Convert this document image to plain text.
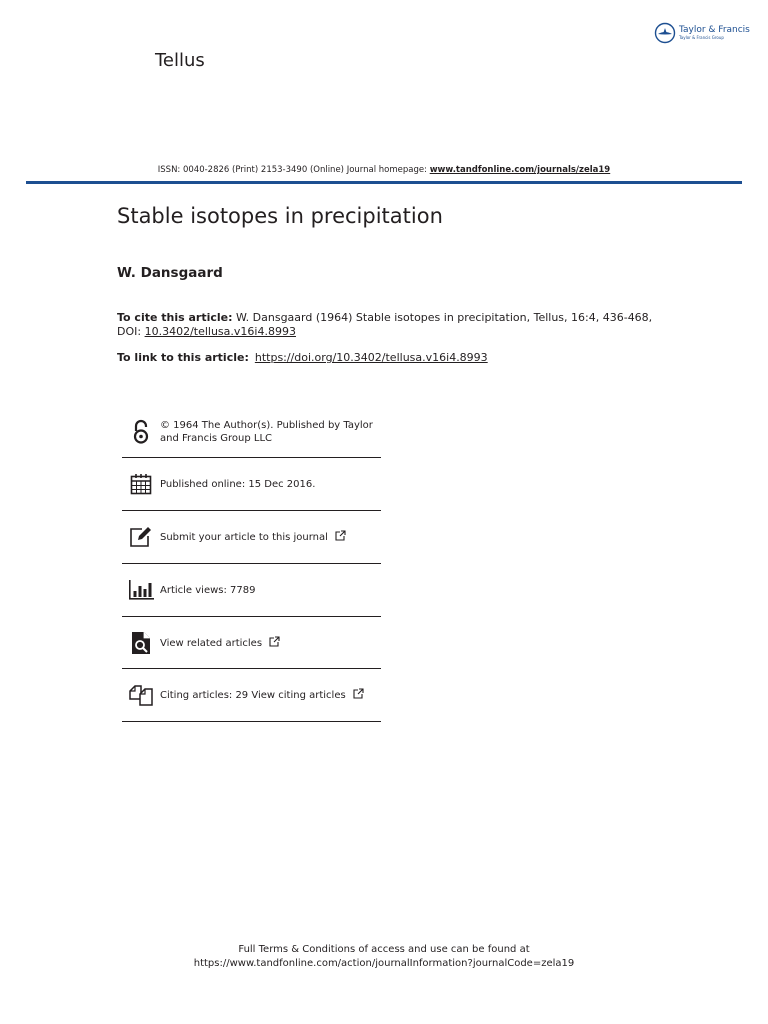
Taylor & Francis
Taylor & Francis Group
Tellus
ISSN: 0040-2826 (Print) 2153-3490 (Online) Journal homepage: www.tandfonline.com/journals/zela19
Stable isotopes in precipitation
W. Dansgaard
To cite this article: W. Dansgaard (1964) Stable isotopes in precipitation, Tellus, 16:4, 436-468, DOI: 10.3402/tellusa.v16i4.8993
To link to this article: https://doi.org/10.3402/tellusa.v16i4.8993
© 1964 The Author(s). Published by Taylor and Francis Group LLC
Published online: 15 Dec 2016.
Submit your article to this journal
Article views: 7789
View related articles
Citing articles: 29 View citing articles
Full Terms & Conditions of access and use can be found at
https://www.tandfonline.com/action/journalInformation?journalCode=zela19
